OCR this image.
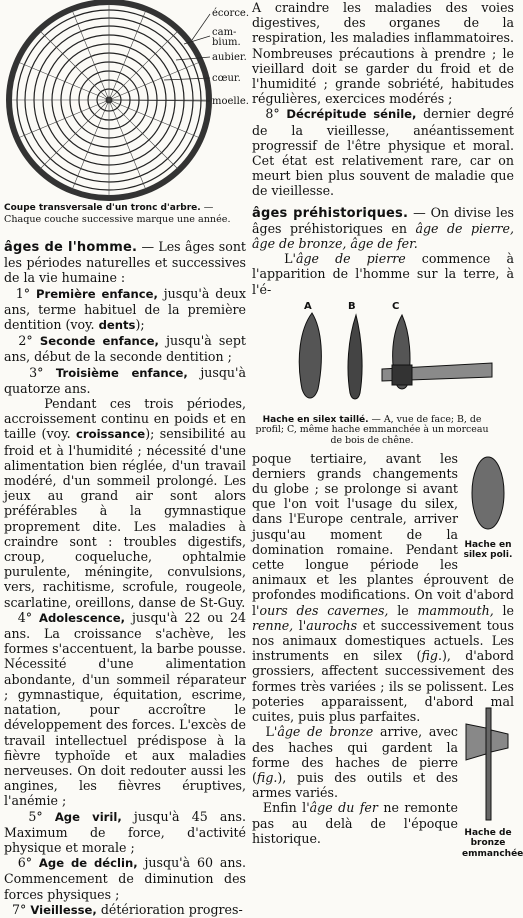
écorce.
cam-
bium.
aubier.
cœur.
moelle.

Coupe transversale d'un tronc d'arbre. — Chaque couche successive marque une année.

âges de l'homme. — Les âges sont les périodes naturelles et successives de la vie humaine :

1° Première enfance, jusqu'à deux ans, terme habituel de la première dentition (voy. dents);

2° Seconde enfance, jusqu'à sept ans, début de la seconde dentition ;

3° Troisième enfance, jusqu'à quatorze ans.

Pendant ces trois périodes, accroissement continu en poids et en taille (voy. croissance); sensibilité au froid et à l'humidité ; nécessité d'une alimentation bien réglée, d'un travail modéré, d'un sommeil prolongé. Les jeux au grand air sont alors préférables à la gymnastique proprement dite. Les maladies à craindre sont : troubles digestifs, croup, coqueluche, ophtalmie purulente, méningite, convulsions, vers, rachitisme, scrofule, rougeole, scarlatine, oreillons, danse de St-Guy.

4° Adolescence, jusqu'à 22 ou 24 ans. La croissance s'achève, les formes s'accentuent, la barbe pousse. Nécessité d'une alimentation abondante, d'un sommeil réparateur ; gymnastique, équitation, escrime, natation, pour accroître le développement des forces. L'excès de travail intellectuel prédispose à la fièvre typhoïde et aux maladies nerveuses. On doit redouter aussi les angines, les fièvres éruptives, l'anémie ;

5° Age viril, jusqu'à 45 ans. Maximum de force, d'activité physique et morale ;

6° Age de déclin, jusqu'à 60 ans. Commencement de diminution des forces physiques ;

7° Vieillesse, détérioration progres-

A craindre les maladies des voies digestives, des organes de la respiration, les maladies inflammatoires. Nombreuses précautions à prendre ; le vieillard doit se garder du froid et de l'humidité ; grande sobriété, habitudes régulières, exercices modérés ;

8° Décrépitude sénile, dernier degré de la vieillesse, anéantissement progressif de l'être physique et moral. Cet état est relativement rare, car on meurt bien plus souvent de maladie que de vieillesse.

âges préhistoriques. — On divise les âges préhistoriques en âge de pierre, âge de bronze, âge de fer.

L'âge de pierre commence à l'apparition de l'homme sur la terre, à l'é-

A	B	C

Hache en silex taillé. — A, vue de face; B, de profil; C, même hache emmanchée à un morceau de bois de chêne.

Hache en silex poli.

poque tertiaire, avant les derniers grands changements du globe ; se prolonge si avant que l'on voit l'usage du silex, dans l'Europe centrale, arriver jusqu'au moment de la domination romaine. Pendant cette longue période les animaux et les plantes éprouvent de profondes modifications. On voit d'abord l'ours des cavernes, le mammouth, le renne, l'aurochs et successivement tous nos animaux domestiques actuels. Les instruments en silex (fig.), d'abord grossiers, affectent successivement des formes très variées ; ils se polissent. Les poteries apparaissent, d'abord mal cuites, puis plus parfaites.

Hache de bronze emmanchée

L'âge de bronze arrive, avec des haches qui gardent la forme des haches de pierre (fig.), puis des outils et des armes variés.

Enfin l'âge du fer ne remonte pas au delà de l'époque historique.
